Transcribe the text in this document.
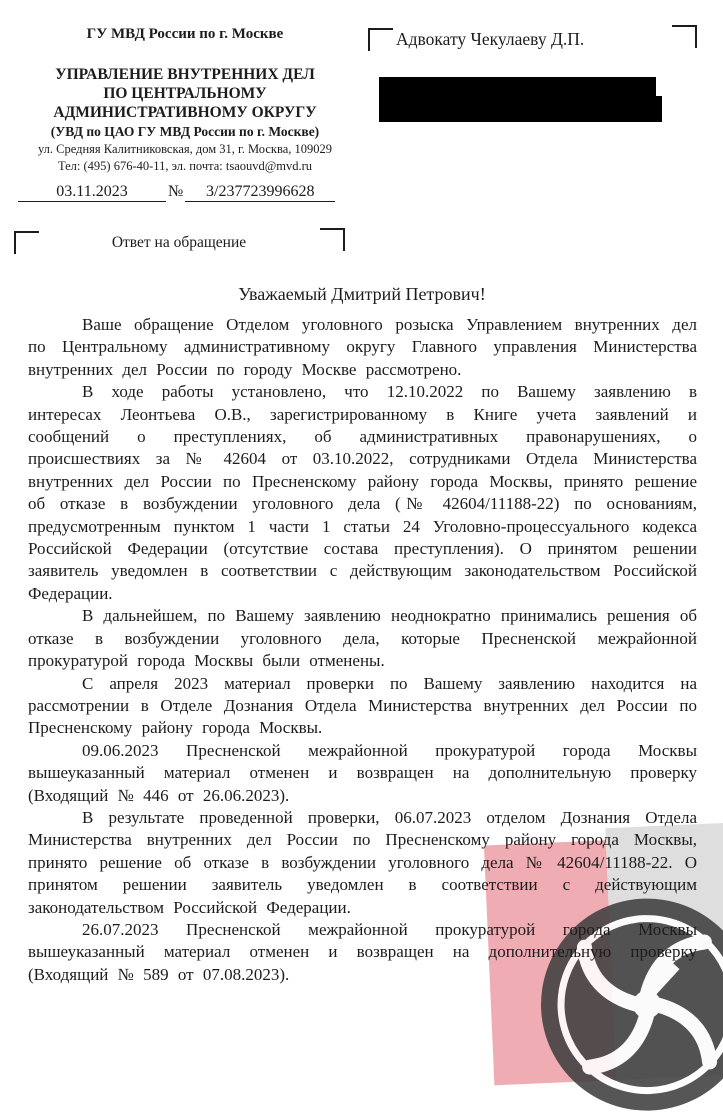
ГУ МВД России по г. Москве
УПРАВЛЕНИЕ ВНУТРЕННИХ ДЕЛ
ПО ЦЕНТРАЛЬНОМУ
АДМИНИСТРАТИВНОМУ ОКРУГУ
(УВД по ЦАО ГУ МВД России по г. Москве)
ул. Средняя Калитниковская, дом 31, г. Москва, 109029
Тел: (495) 676-40-11, эл. почта: tsaouvd@mvd.ru
03.11.2023	№ 3/237723996628
Адвокату Чекулаеву Д.П.
Ответ на обращение
Уважаемый Дмитрий Петрович!

Ваше обращение Отделом уголовного розыска Управлением внутренних дел по Центральному административному округу Главного управления Министерства внутренних дел России по городу Москве рассмотрено.

В ходе работы установлено, что 12.10.2022 по Вашему заявлению в интересах Леонтьева О.В., зарегистрированному в Книге учета заявлений и сообщений о преступлениях, об административных правонарушениях, о происшествиях за № 42604 от 03.10.2022, сотрудниками Отдела Министерства внутренних дел России по Пресненскому району города Москвы, принято решение об отказе в возбуждении уголовного дела (№ 42604/11188-22) по основаниям, предусмотренным пунктом 1 части 1 статьи 24 Уголовно-процессуального кодекса Российской Федерации (отсутствие состава преступления). О принятом решении заявитель уведомлен в соответствии с действующим законодательством Российской Федерации.

В дальнейшем, по Вашему заявлению неоднократно принимались решения об отказе в возбуждении уголовного дела, которые Пресненской межрайонной прокуратурой города Москвы были отменены.

С апреля 2023 материал проверки по Вашему заявлению находится на рассмотрении в Отделе Дознания Отдела Министерства внутренних дел России по Пресненскому району города Москвы.

09.06.2023 Пресненской межрайонной прокуратурой города Москвы вышеуказанный материал отменен и возвращен на дополнительную проверку (Входящий № 446 от 26.06.2023).

В результате проведенной проверки, 06.07.2023 отделом Дознания Отдела Министерства внутренних дел России по Пресненскому району города Москвы, принято решение об отказе в возбуждении уголовного дела № 42604/11188-22. О принятом решении заявитель уведомлен в соответствии с действующим законодательством Российской Федерации.

26.07.2023 Пресненской межрайонной прокуратурой города Москвы вышеуказанный материал отменен и возвращен на дополнительную проверку (Входящий № 589 от 07.08.2023).
